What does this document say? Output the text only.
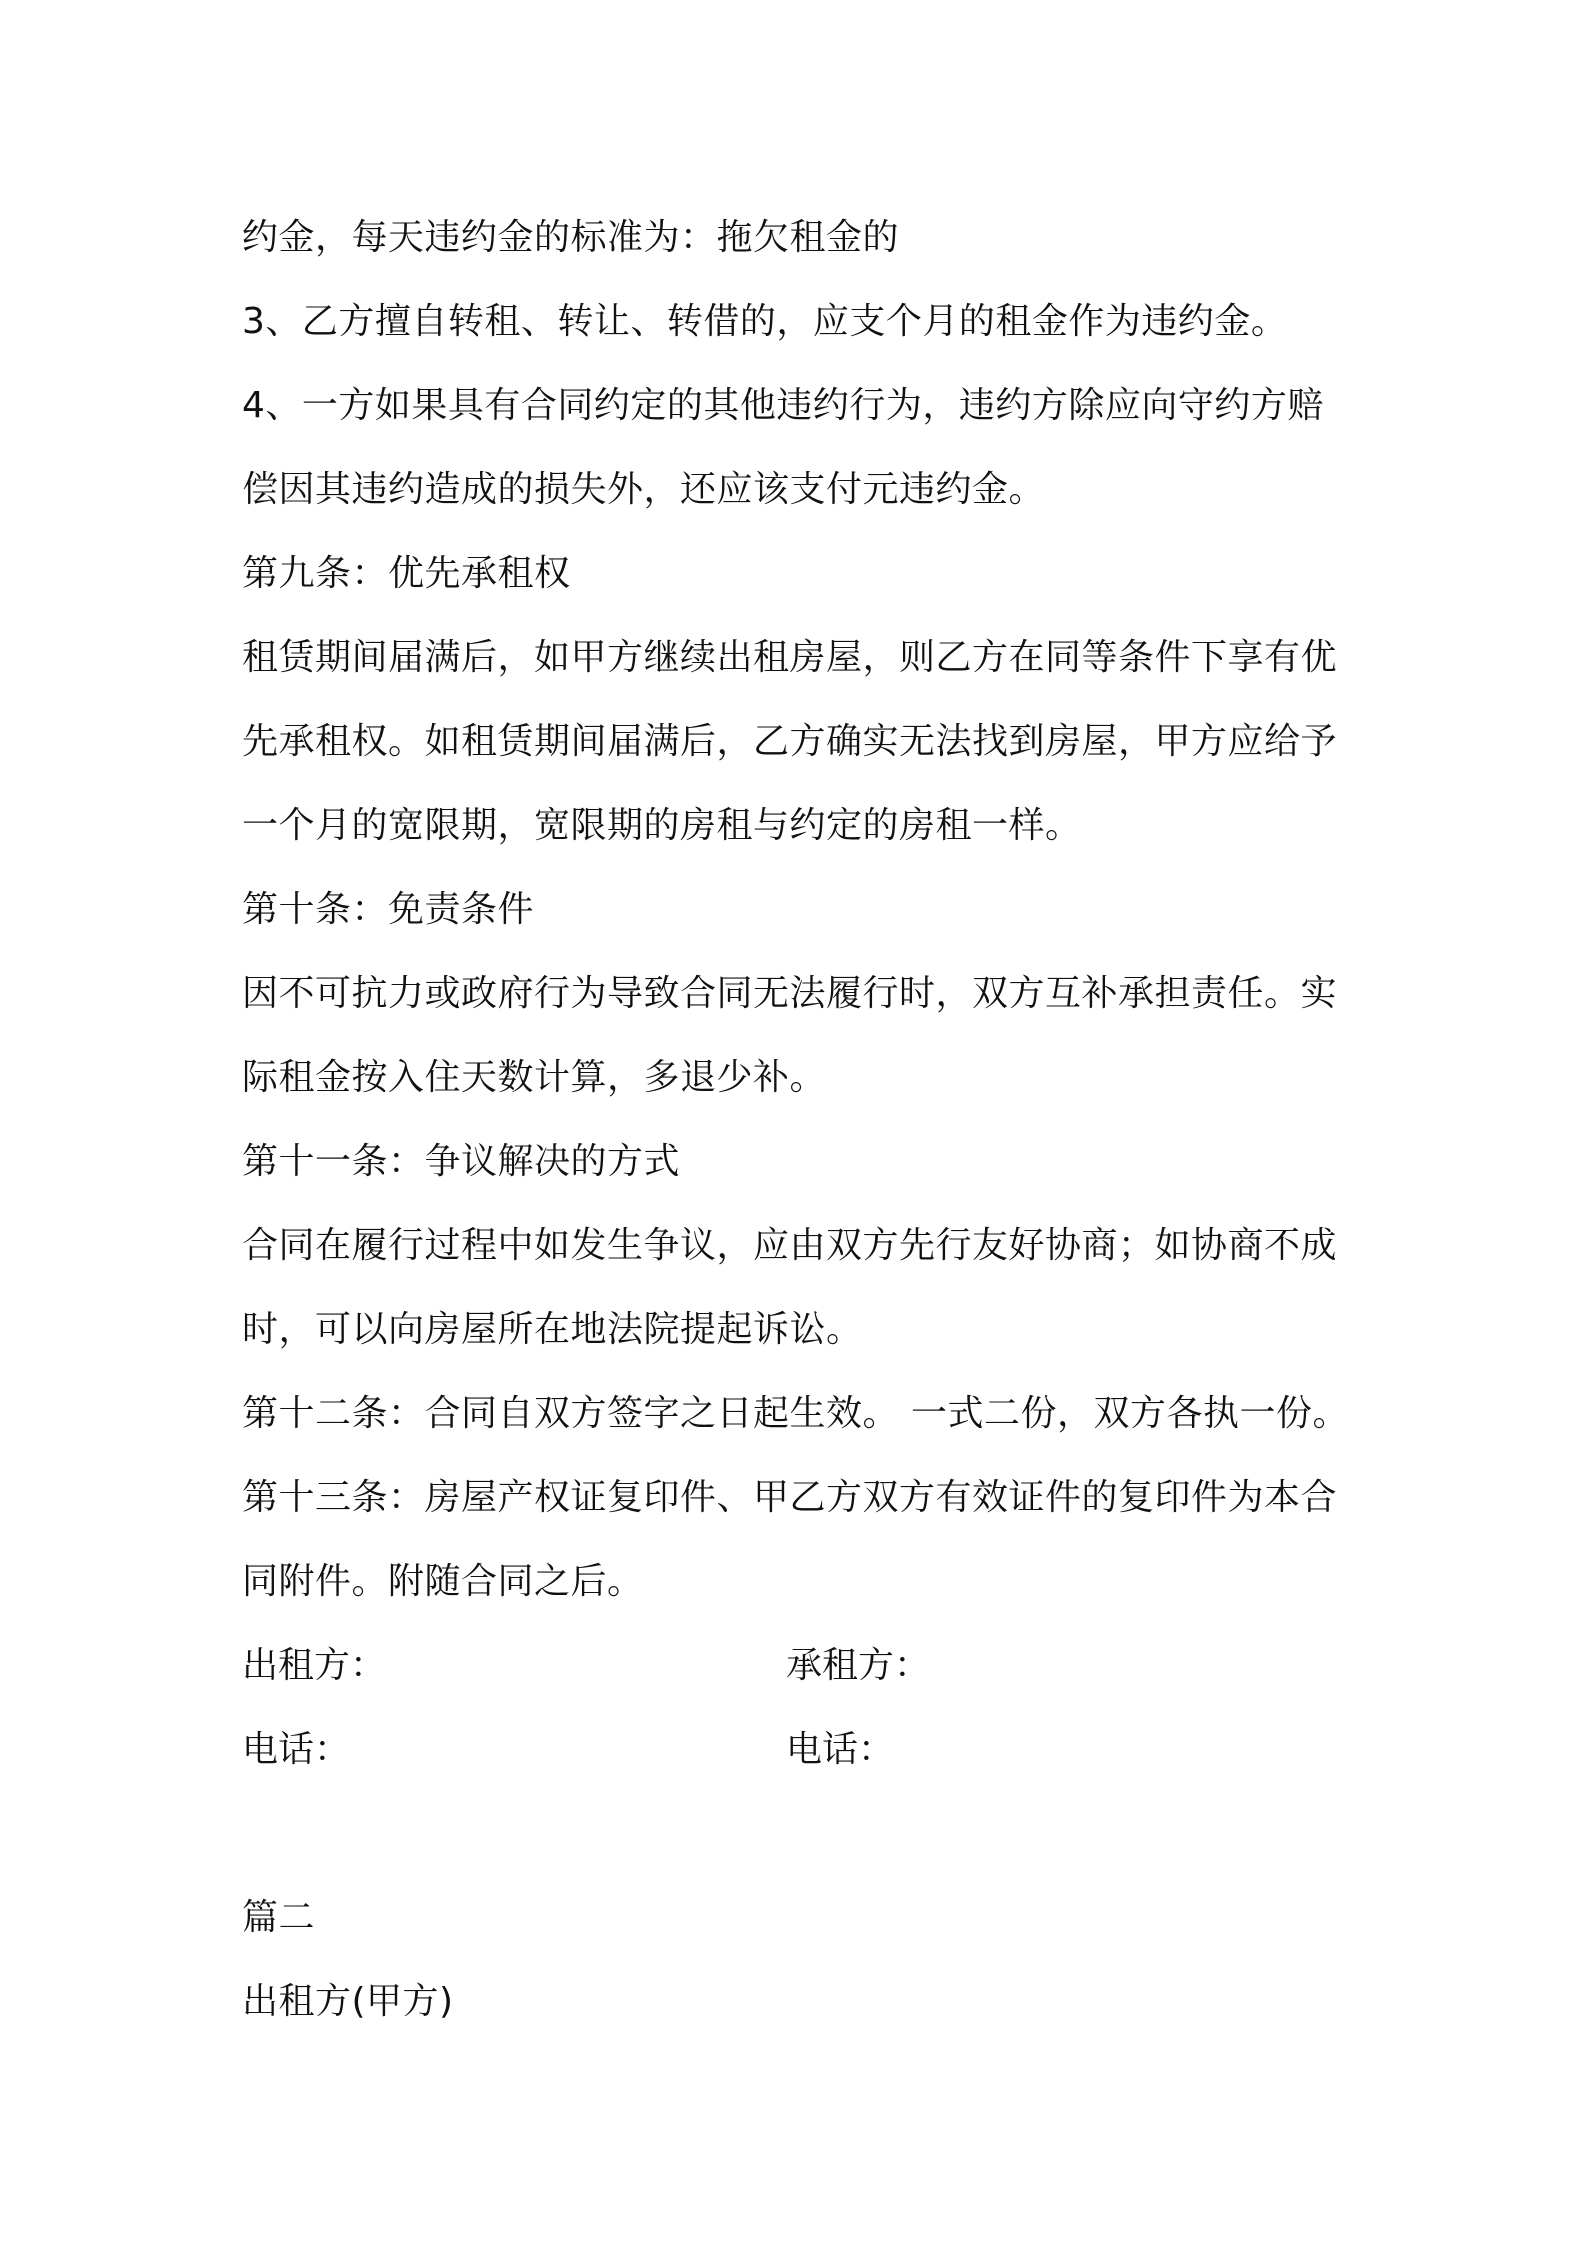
约金，每天违约金的标准为：拖欠租金的
3、乙方擅自转租、转让、转借的，应支个月的租金作为违约金。
4、一方如果具有合同约定的其他违约行为，违约方除应向守约方赔
偿因其违约造成的损失外，还应该支付元违约金。
第九条：优先承租权
租赁期间届满后，如甲方继续出租房屋，则乙方在同等条件下享有优
先承租权。如租赁期间届满后，乙方确实无法找到房屋，甲方应给予
一个月的宽限期，宽限期的房租与约定的房租一样。
第十条：免责条件
因不可抗力或政府行为导致合同无法履行时，双方互补承担责任。实
际租金按入住天数计算，多退少补。
第十一条：争议解决的方式
合同在履行过程中如发生争议，应由双方先行友好协商；如协商不成
时，可以向房屋所在地法院提起诉讼。
第十二条：合同自双方签字之日起生效。 一式二份，双方各执一份。
第十三条：房屋产权证复印件、甲乙方双方有效证件的复印件为本合
同附件。附随合同之后。
出租方：	承租方：
电话：	电话：
篇二
出租方(甲方)
